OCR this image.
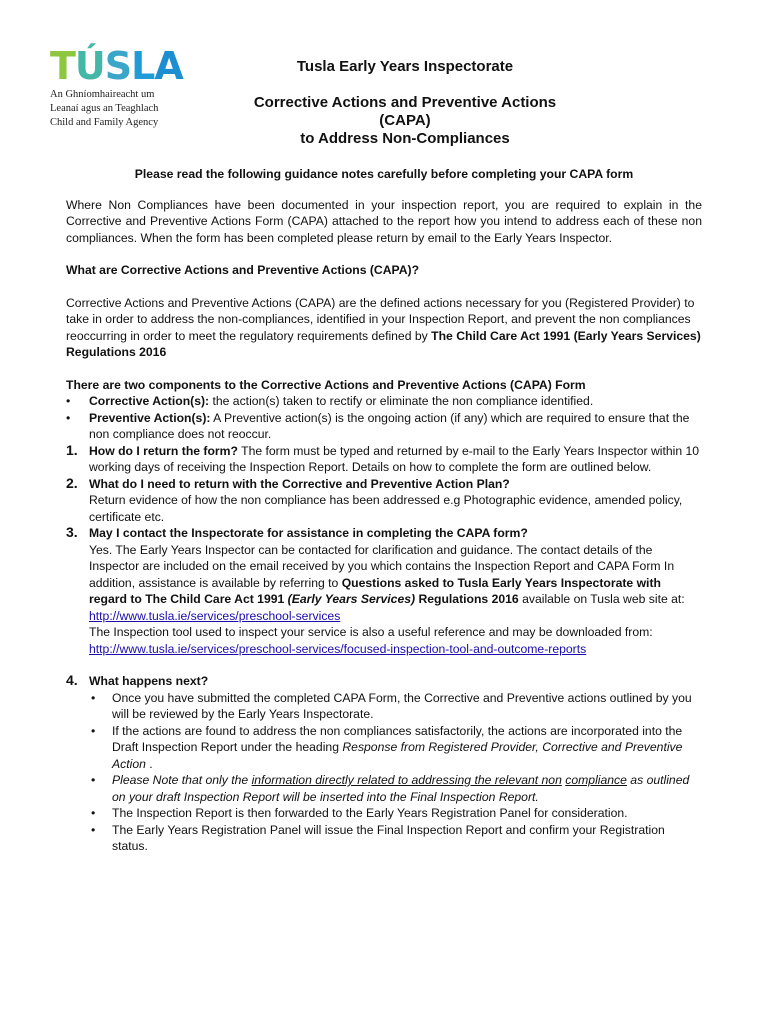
TÚSLA
An Ghníomhaireacht um
Leanaí agus an Teaghlach
Child and Family Agency
Tusla Early Years Inspectorate
Corrective Actions and Preventive Actions (CAPA)
to Address Non-Compliances

Please read the following guidance notes carefully before completing your CAPA form

Where Non Compliances have been documented in your inspection report, you are required to explain in the Corrective and Preventive Actions Form (CAPA) attached to the report how you intend to address each of these non compliances. When the form has been completed please return by email to the Early Years Inspector.

What are Corrective Actions and Preventive Actions (CAPA)?

Corrective Actions and Preventive Actions (CAPA) are the defined actions necessary for you (Registered Provider) to take in order to address the non-compliances, identified in your Inspection Report, and prevent the non compliances reoccurring in order to meet the regulatory requirements defined by The Child Care Act 1991 (Early Years Services) Regulations 2016

There are two components to the Corrective Actions and Preventive Actions (CAPA) Form

• Corrective Action(s): the action(s) taken to rectify or eliminate the non compliance identified.
• Preventive Action(s): A Preventive action(s) is the ongoing action (if any) which are required to ensure that the non compliance does not reoccur.
1. How do I return the form? The form must be typed and returned by e-mail to the Early Years Inspector within 10 working days of receiving the Inspection Report. Details on how to complete the form are outlined below.
2. What do I need to return with the Corrective and Preventive Action Plan?
Return evidence of how the non compliance has been addressed e.g Photographic evidence, amended policy, certificate etc.
3. May I contact the Inspectorate for assistance in completing the CAPA form?
Yes. The Early Years Inspector can be contacted for clarification and guidance. The contact details of the Inspector are included on the email received by you which contains the Inspection Report and CAPA Form In addition, assistance is available by referring to Questions asked to Tusla Early Years Inspectorate with regard to The Child Care Act 1991 (Early Years Services) Regulations 2016 available on Tusla web site at:
http://www.tusla.ie/services/preschool-services
The Inspection tool used to inspect your service is also a useful reference and may be downloaded from:
http://www.tusla.ie/services/preschool-services/focused-inspection-tool-and-outcome-reports
4. What happens next?
• Once you have submitted the completed CAPA Form, the Corrective and Preventive actions outlined by you will be reviewed by the Early Years Inspectorate.
• If the actions are found to address the non compliances satisfactorily, the actions are incorporated into the Draft Inspection Report under the heading Response from Registered Provider, Corrective and Preventive Action .
• Please Note that only the information directly related to addressing the relevant non compliance as outlined on your draft Inspection Report will be inserted into the Final Inspection Report.
• The Inspection Report is then forwarded to the Early Years Registration Panel for consideration.
• The Early Years Registration Panel will issue the Final Inspection Report and confirm your Registration status.
